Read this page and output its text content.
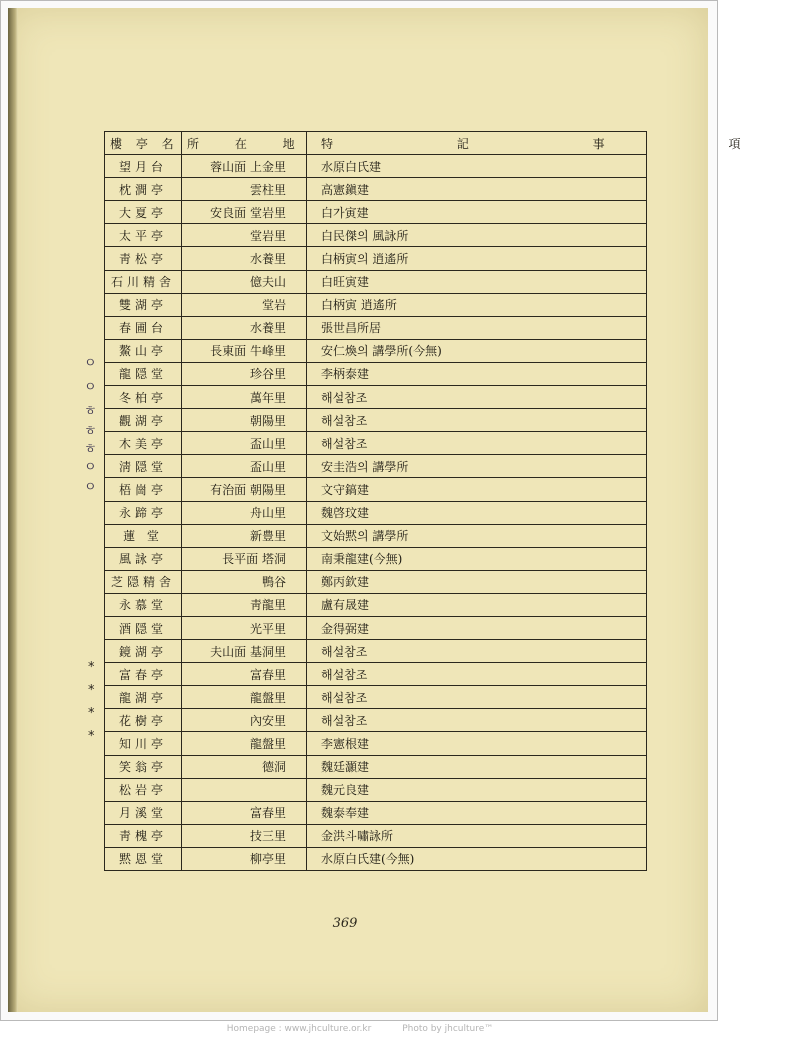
樓 亭 名	所 在 地	特 記 事 項
望月台	蓉山面 上金里	水原白氏建
枕澗亭	雲柱里	高憲鎭建
大夏亭	安良面 堂岩里	白가寅建
太平亭	堂岩里	白民傑의 風詠所
靑松亭	水養里	白柄寅의 逍遙所
石川精舍	億夫山	白旺寅建
雙湖亭	堂岩	白柄寅 逍遙所
春圃台	水養里	張世昌所居
鰲山亭	長東面 牛峰里	安仁煥의 講學所(今無)
龍隠堂	珍谷里	李柄泰建
冬柏亭	萬年里	해설참조
觀湖亭	朝陽里	해설참조
木美亭	盃山里	해설참조
淸隠堂	盃山里	安圭浩의 講學所
梧崗亭	有治面 朝陽里	文守鎬建
永蹄亭	舟山里	魏啓玟建
蓮 堂	新豊里	文始黙의 講學所
風詠亭	長平面 塔洞	南秉龍建(今無)
芝隠精舍	鴨谷	鄭丙欽建
永慕堂	靑龍里	盧有晟建
酒隠堂	光平里	金得弼建
鏡湖亭	夫山面 基洞里	해설참조
富春亭	富春里	해설참조
龍湖亭	龍盤里	해설참조
花樹亭	內安里	해설참조
知川亭	龍盤里	李憲根建
笑翁亭	德洞	魏廷灝建
松岩亭		魏元良建
月溪堂	富春里	魏泰奉建
靑槐亭	技三里	金洪斗嘯詠所
黙恩堂	柳亭里	水原白氏建(今無)
ㅇ
ㅇ
ㅎ
ㅎ
ㅎ
ㅇ
ㅇ
*
*
*
*
369
Homepage : www.jhculture.or.kr	Photo by jhculture™
